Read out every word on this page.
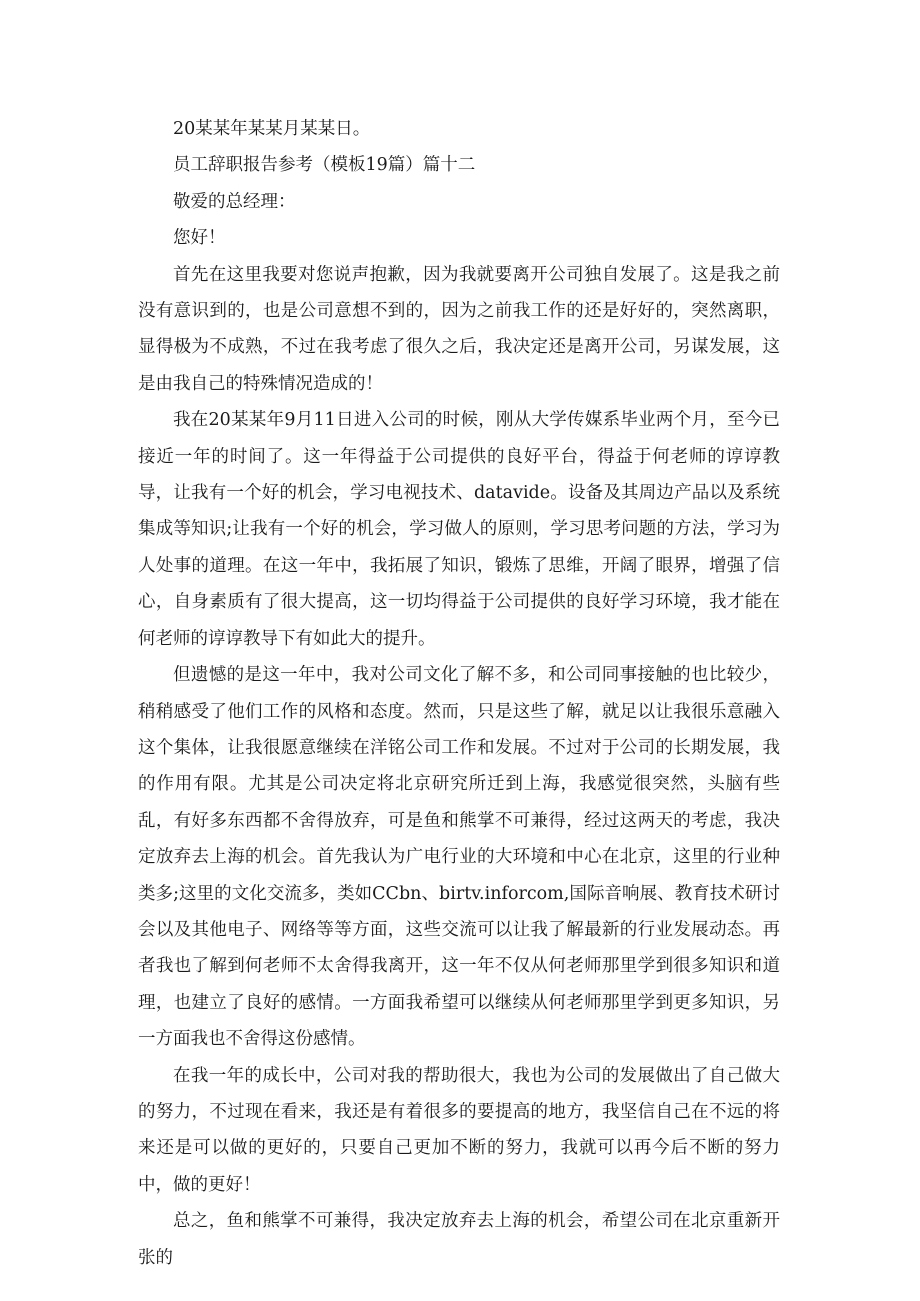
20某某年某某月某某日。

员工辞职报告参考（模板19篇）篇十二

敬爱的总经理：

您好！

首先在这里我要对您说声抱歉，因为我就要离开公司独自发展了。这是我之前没有意识到的，也是公司意想不到的，因为之前我工作的还是好好的，突然离职，显得极为不成熟，不过在我考虑了很久之后，我决定还是离开公司，另谋发展，这是由我自己的特殊情况造成的！

我在20某某年9月11日进入公司的时候，刚从大学传媒系毕业两个月，至今已接近一年的时间了。这一年得益于公司提供的良好平台，得益于何老师的谆谆教导，让我有一个好的机会，学习电视技术、datavide。设备及其周边产品以及系统集成等知识;让我有一个好的机会，学习做人的原则，学习思考问题的方法，学习为人处事的道理。在这一年中，我拓展了知识，锻炼了思维，开阔了眼界，增强了信心，自身素质有了很大提高，这一切均得益于公司提供的良好学习环境，我才能在何老师的谆谆教导下有如此大的提升。

但遗憾的是这一年中，我对公司文化了解不多，和公司同事接触的也比较少，稍稍感受了他们工作的风格和态度。然而，只是这些了解，就足以让我很乐意融入这个集体，让我很愿意继续在洋铭公司工作和发展。不过对于公司的长期发展，我的作用有限。尤其是公司决定将北京研究所迁到上海，我感觉很突然，头脑有些乱，有好多东西都不舍得放弃，可是鱼和熊掌不可兼得，经过这两天的考虑，我决定放弃去上海的机会。首先我认为广电行业的大环境和中心在北京，这里的行业种类多;这里的文化交流多，类如CCbn、birtv.inforcom,国际音响展、教育技术研讨会以及其他电子、网络等等方面，这些交流可以让我了解最新的行业发展动态。再者我也了解到何老师不太舍得我离开，这一年不仅从何老师那里学到很多知识和道理，也建立了良好的感情。一方面我希望可以继续从何老师那里学到更多知识，另一方面我也不舍得这份感情。

在我一年的成长中，公司对我的帮助很大，我也为公司的发展做出了自己做大的努力，不过现在看来，我还是有着很多的要提高的地方，我坚信自己在不远的将来还是可以做的更好的，只要自己更加不断的努力，我就可以再今后不断的努力中，做的更好！

总之，鱼和熊掌不可兼得，我决定放弃去上海的机会，希望公司在北京重新开张的
